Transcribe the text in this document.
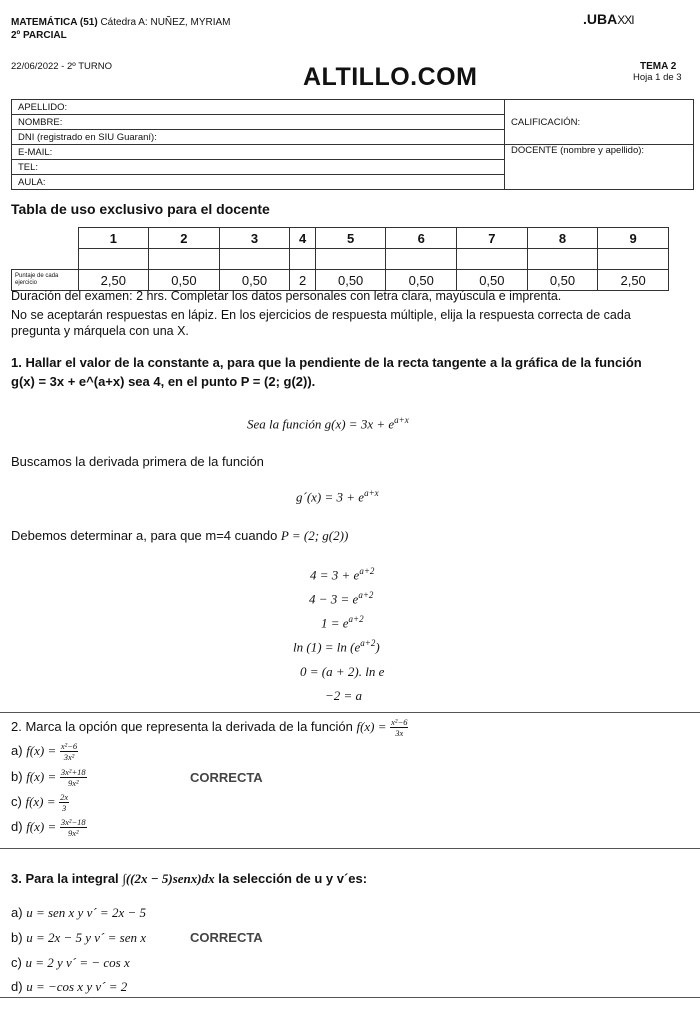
MATEMÁTICA (51) Cátedra A: NUÑEZ, MYRIAM
2º PARCIAL
22/06/2022 - 2º TURNO
.UBAXXI
ALTILLO.COM	TEMA 2
Hoja 1 de 3
APELLIDO:	CALIFICACIÓN:
NOMBRE:	
DNI (registrado en SIU Guaraní):	
E-MAIL:	DOCENTE (nombre y apellido):
TEL:	
AULA:	
Tabla de uso exclusivo para el docente
	1	2	3	4	5	6	7	8	9

Puntaje de cada ejercicio	2,50	0,50	0,50	2	0,50	0,50	0,50	0,50	2,50
Duración del examen: 2 hrs. Completar los datos personales con letra clara, mayúscula e imprenta.
No se aceptarán respuestas en lápiz. En los ejercicios de respuesta múltiple, elija la respuesta correcta de cada
pregunta y márquela con una X.
1. Hallar el valor de la constante a, para que la pendiente de la recta tangente a la gráfica de la función
g(x) = 3x + e^(a+x) sea 4, en el punto P = (2; g(2)).
Sea la función $g(x) = 3x + e^{a+x}$
Buscamos la derivada primera de la función
g´(x) = $3 + e^{a+x}$
Debemos determinar a, para que m=4 cuando P = (2; g(2))
$4 = 3 + e^{a+2}$
$4 - 3 = e^{a+2}$
$1 = e^{a+2}$
$\ln (1) = \ln (e^{a+2})$
0 = (a + 2). ln e
−2 = a
2. Marca la opción que representa la derivada de la función $f(x) = \frac{\text{x²−6}}{3x}$
a) $f(x) = \frac{\text{x²−6}}{\text{3x²}}$
b) $f(x) = \frac{\text{3x²+18}}{\text{9x²}}$	CORRECTA
c) $f(x) = \frac{2x}{3}$
d) $f(x) = \frac{\text{3x²−18}}{\text{9x²}}$
3. Para la integral ∫((2x − 5)senx)dx la selección de u y v´es:
a) u = sen x y v´ = 2x − 5
b) u = 2x − 5 y v´ = sen x	CORRECTA
c) u = 2 y v´ = − cos x
d) u = −cos x y v´ = 2
